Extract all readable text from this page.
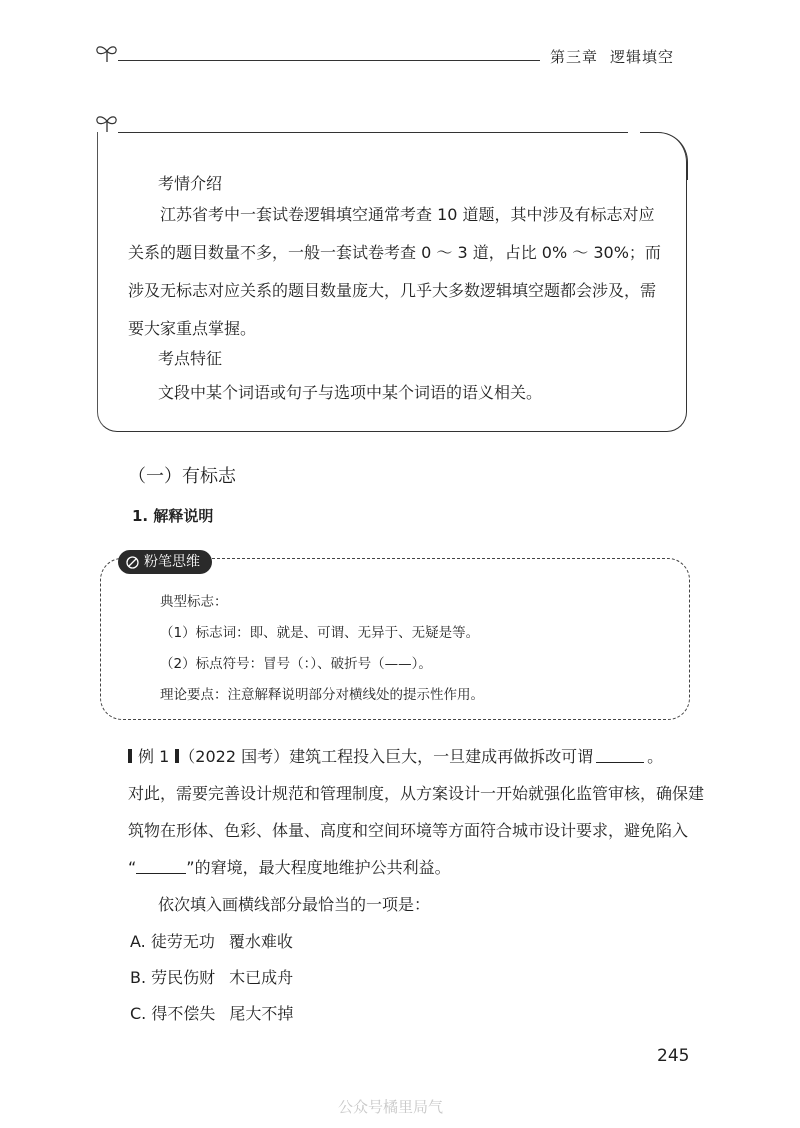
第三章 逻辑填空
考情介绍
江苏省考中一套试卷逻辑填空通常考查 10 道题，其中涉及有标志对应关系的题目数量不多，一般一套试卷考查 0 ～ 3 道，占比 0% ～ 30%；而涉及无标志对应关系的题目数量庞大，几乎大多数逻辑填空题都会涉及，需要大家重点掌握。
考点特征
文段中某个词语或句子与选项中某个词语的语义相关。
（一）有标志
1. 解释说明
粉笔思维
典型标志：
（1）标志词：即、就是、可谓、无异于、无疑是等。
（2）标点符号：冒号（：）、破折号（——）。
理论要点：注意解释说明部分对横线处的提示性作用。
例 1 （2022 国考）建筑工程投入巨大，一旦建成再做拆改可谓	。
对此，需要完善设计规范和管理制度，从方案设计一开始就强化监管审核，确保建
筑物在形体、色彩、体量、高度和空间环境等方面符合城市设计要求，避免陷入
“	”的窘境，最大程度地维护公共利益。
依次填入画横线部分最恰当的一项是：
A. 徒劳无功 覆水难收
B. 劳民伤财 木已成舟
C. 得不偿失 尾大不掉
245
公众号橘里局气
